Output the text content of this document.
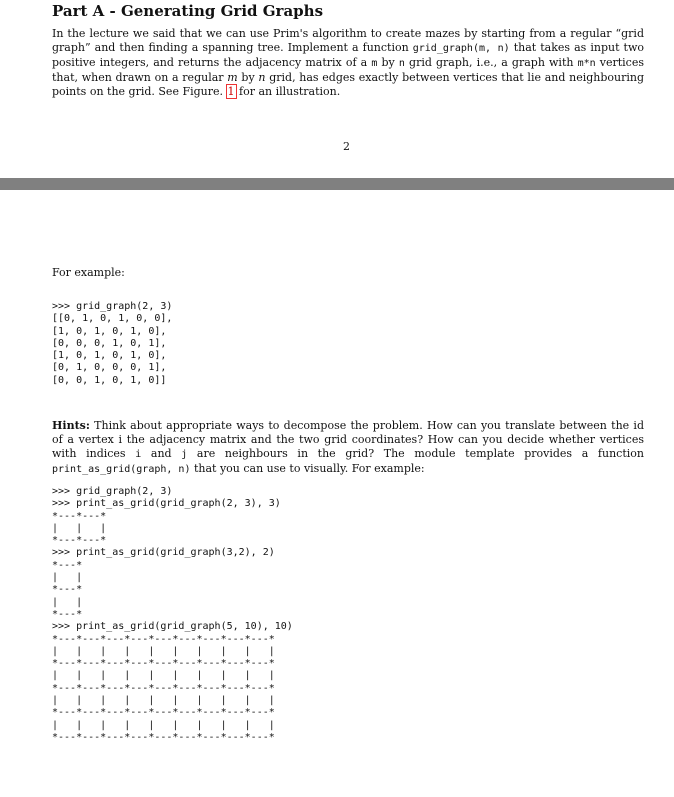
Part A - Generating Grid Graphs
In the lecture we said that we can use Prim's algorithm to create mazes by starting from a regular “grid graph” and then finding a spanning tree. Implement a function grid_graph(m, n) that takes as input two positive integers, and returns the adjacency matrix of a m by n grid graph, i.e., a graph with m*n vertices that, when drawn on a regular m by n grid, has edges exactly between vertices that lie and neighbouring points on the grid. See Figure. 1 for an illustration.
2
For example:
>>> grid_graph(2, 3)
[[0, 1, 0, 1, 0, 0],
[1, 0, 1, 0, 1, 0],
[0, 0, 0, 1, 0, 1],
[1, 0, 1, 0, 1, 0],
[0, 1, 0, 0, 0, 1],
[0, 0, 1, 0, 1, 0]]
Hints: Think about appropriate ways to decompose the problem. How can you translate between the id of a vertex i the adjacency matrix and the two grid coordinates? How can you decide whether vertices with indices i and j are neighbours in the grid? The module template provides a function print_as_grid(graph, n) that you can use to visually. For example:
>>> grid_graph(2, 3)
>>> print_as_grid(grid_graph(2, 3), 3)
*---*---*
|   |   |
*---*---*
>>> print_as_grid(grid_graph(3,2), 2)
*---*
|   |
*---*
|   |
*---*
>>> print_as_grid(grid_graph(5, 10), 10)
*---*---*---*---*---*---*---*---*---*
|   |   |   |   |   |   |   |   |   |
*---*---*---*---*---*---*---*---*---*
|   |   |   |   |   |   |   |   |   |
*---*---*---*---*---*---*---*---*---*
|   |   |   |   |   |   |   |   |   |
*---*---*---*---*---*---*---*---*---*
|   |   |   |   |   |   |   |   |   |
*---*---*---*---*---*---*---*---*---*
